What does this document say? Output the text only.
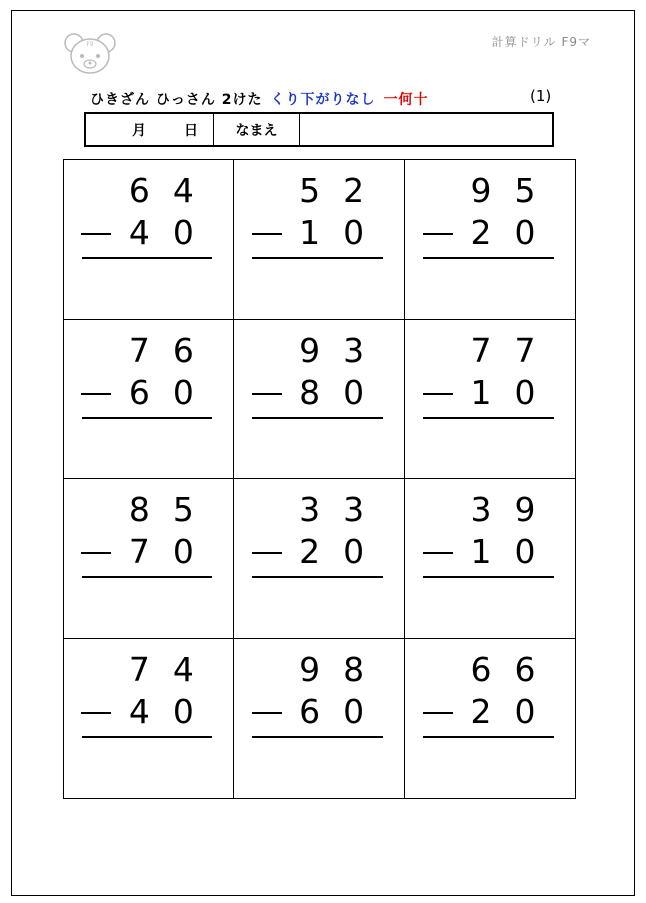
F9	計算ドリル F9マ
ひきざん ひっさん 2けた くり下がりなし 一何十	(1)
月	日	なまえ
6 4
4 0
5 2
1 0
9 5
2 0
7 6
6 0
9 3
8 0
7 7
1 0
8 5
7 0
3 3
2 0
3 9
1 0
7 4
4 0
9 8
6 0
6 6
2 0
